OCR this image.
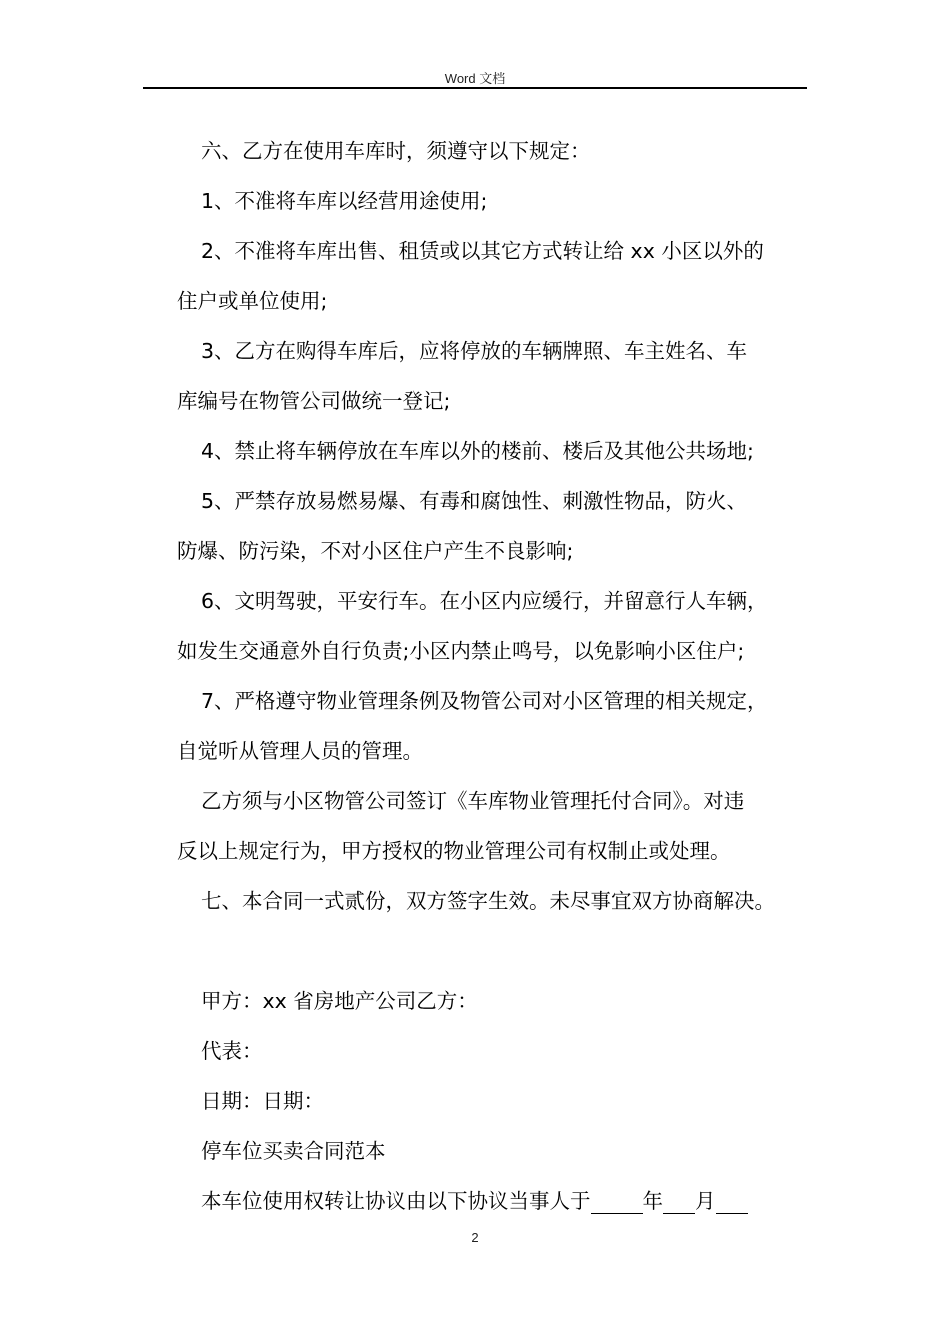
Word 文档
六、乙方在使用车库时，须遵守以下规定：
1、不准将车库以经营用途使用;
2、不准将车库出售、租赁或以其它方式转让给 xx 小区以外的
住户或单位使用;
3、乙方在购得车库后，应将停放的车辆牌照、车主姓名、车
库编号在物管公司做统一登记;
4、禁止将车辆停放在车库以外的楼前、楼后及其他公共场地;
5、严禁存放易燃易爆、有毒和腐蚀性、刺激性物品，防火、
防爆、防污染，不对小区住户产生不良影响;
6、文明驾驶，平安行车。在小区内应缓行，并留意行人车辆，
如发生交通意外自行负责;小区内禁止鸣号，以免影响小区住户;
7、严格遵守物业管理条例及物管公司对小区管理的相关规定，
自觉听从管理人员的管理。
乙方须与小区物管公司签订《车库物业管理托付合同》。对违
反以上规定行为，甲方授权的物业管理公司有权制止或处理。
七、本合同一式贰份，双方签字生效。未尽事宜双方协商解决。
甲方：xx 省房地产公司乙方：
代表：
日期：日期：
停车位买卖合同范本
本车位使用权转让协议由以下协议当事人于	年 月
2
